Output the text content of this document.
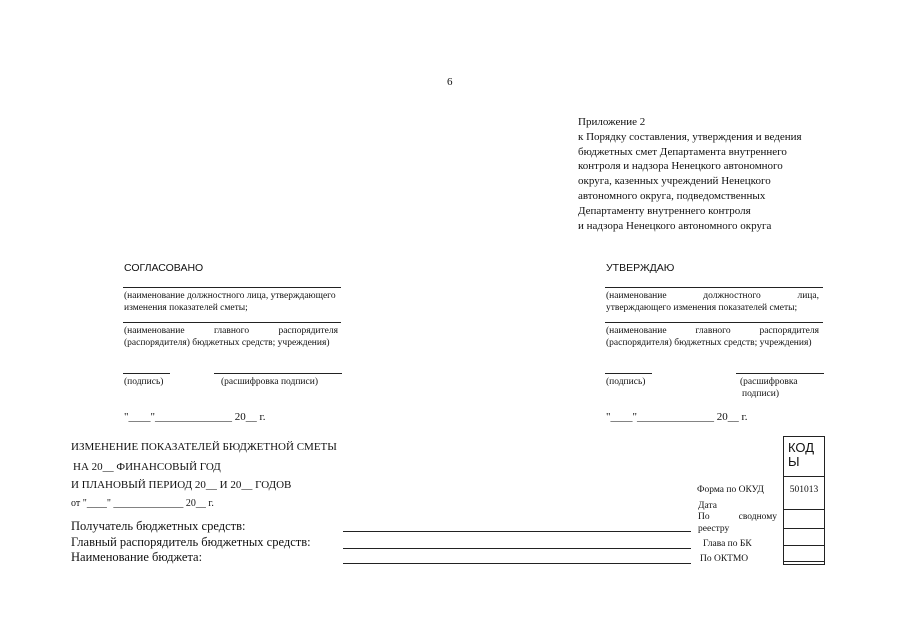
6
Приложение 2
к Порядку составления, утверждения и ведения
бюджетных смет Департамента внутреннего
контроля и надзора Ненецкого автономного
округа, казенных учреждений Ненецкого
автономного округа, подведомственных
Департаменту внутреннего контроля
и надзора Ненецкого автономного округа
СОГЛАСОВАНО
(наименование должностного лица, утверждающего
изменения показателей сметы;
(наименование главного распорядителя
(распорядителя) бюджетных средств; учреждения)
(подпись)	(расшифровка подписи)
"____"______________ 20__ г.
УТВЕРЖДАЮ
(наименование должностного лица,
утверждающего изменения показателей сметы;
(наименование главного распорядителя
(распорядителя) бюджетных средств; учреждения)
(подпись)	(расшифровка
подписи)
"____"______________ 20__ г.
ИЗМЕНЕНИЕ ПОКАЗАТЕЛЕЙ БЮДЖЕТНОЙ СМЕТЫ
НА 20__ ФИНАНСОВЫЙ ГОД
И ПЛАНОВЫЙ ПЕРИОД 20__ И 20__ ГОДОВ
от "____" ______________ 20__ г.
Получатель бюджетных средств:
Главный распорядитель бюджетных средств:
Наименование бюджета:
КОД
Ы
501013
Форма по ОКУД
Дата
По сводному
реестру
Глава по БК
По ОКТМО
